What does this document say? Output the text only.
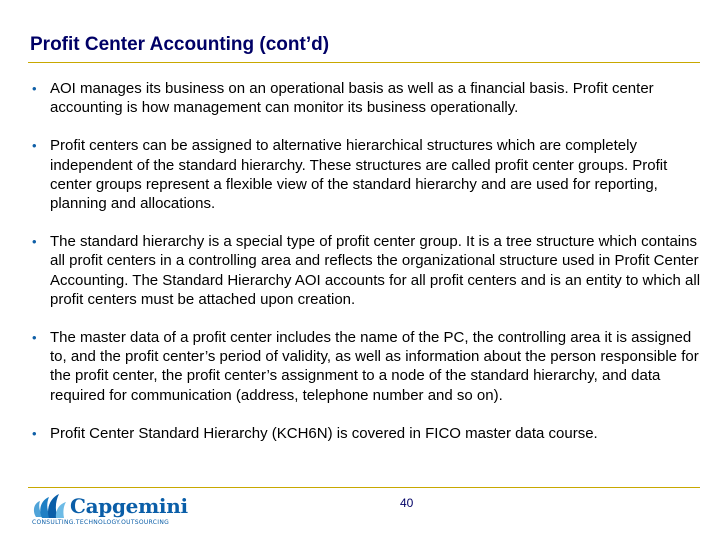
Profit Center Accounting (cont’d)
• AOI manages its business on an operational basis as well as a financial basis. Profit center accounting is how management can monitor its business operationally.
• Profit centers can be assigned to alternative hierarchical structures which are completely independent of the standard hierarchy. These structures are called profit center groups. Profit center groups represent a flexible view of the standard hierarchy and are used for reporting, planning and allocations.
• The standard hierarchy is a special type of profit center group. It is a tree structure which contains all profit centers in a controlling area and reflects the organizational structure used in Profit Center Accounting. The Standard Hierarchy AOI accounts for all profit centers and is an entity to which all profit centers must be attached upon creation.
• The master data of a profit center includes the name of the PC, the controlling area it is assigned to, and the profit center’s period of validity, as well as information about the person responsible for the profit center, the profit center’s assignment to a node of the standard hierarchy, and data required for communication (address, telephone number and so on).
• Profit Center Standard Hierarchy (KCH6N) is covered in FICO master data course.
Capgemini
CONSULTING.TECHNOLOGY.OUTSOURCING
40
